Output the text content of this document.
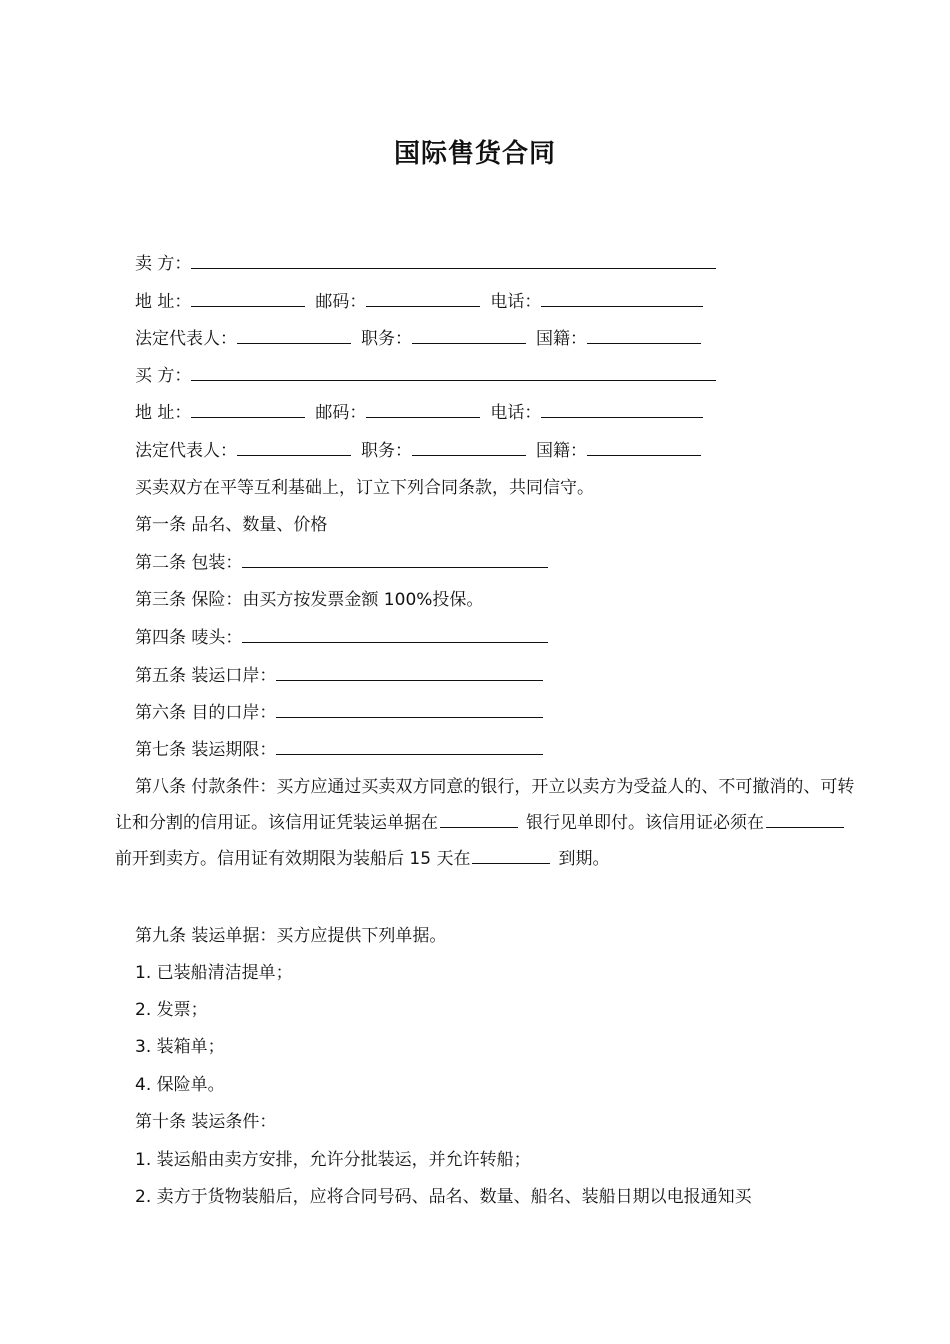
国际售货合同
卖 方：
地 址：	邮码：	电话：
法定代表人：	职务：	国籍：
买 方：
地 址：	邮码：	电话：
法定代表人：	职务：	国籍：
买卖双方在平等互利基础上，订立下列合同条款，共同信守。
第一条 品名、数量、价格
第二条 包装：
第三条 保险：由买方按发票金额 100%投保。
第四条 唛头：
第五条 装运口岸：
第六条 目的口岸：
第七条 装运期限：
第八条 付款条件：买方应通过买卖双方同意的银行，开立以卖方为受益人的、不可撤消的、可转让和分割的信用证。该信用证凭装运单据在	银行见单即付。该信用证必须在前开到卖方。信用证有效期限为装船后 15 天在	到期。
第九条 装运单据：买方应提供下列单据。
1. 已装船清洁提单；
2. 发票；
3. 装箱单；
4. 保险单。
第十条 装运条件：
1. 装运船由卖方安排，允许分批装运，并允许转船；
2. 卖方于货物装船后，应将合同号码、品名、数量、船名、装船日期以电报通知买
